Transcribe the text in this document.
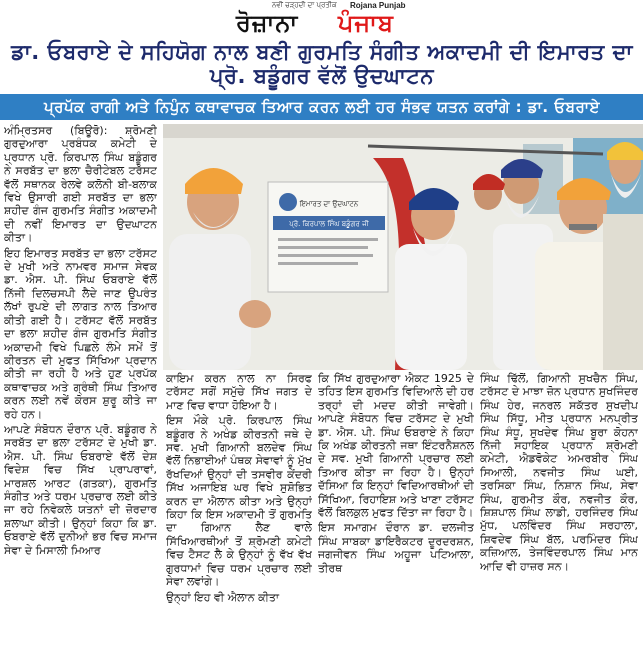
ਨਵੀਂ ਚੜ੍ਹਦੀ ਦਾ ਪ੍ਰਤੀਕ Rojana Punjab
ਰੋਜ਼ਾਨਾ ਪੰਜਾਬ
ਡਾ. ਓਬਰਾਏ ਦੇ ਸਹਿਯੋਗ ਨਾਲ ਬਣੀ ਗੁਰਮਤਿ ਸੰਗੀਤ ਅਕਾਦਮੀ ਦੀ ਇਮਾਰਤ ਦਾ ਪ੍ਰੋ. ਬਡੂੰਗਰ ਵੱਲੋਂ ਉਦਘਾਟਨ
ਪ੍ਰਪੱਕ ਰਾਗੀ ਅਤੇ ਨਿਪੁੰਨ ਕਥਾਵਾਚਕ ਤਿਆਰ ਕਰਨ ਲਈ ਹਰ ਸੰਭਵ ਯਤਨ ਕਰਾਂਗੇ : ਡਾ. ਓਬਰਾਏ
ਇਮਾਰਤ ਦਾ ਉਦਘਾਟਨ
ਪ੍ਰੋ. ਕਿਰਪਾਲ ਸਿੰਘ ਬਡੂੰਗਰ ਜੀ

ਅੰਮ੍ਰਿਤਸਰ (ਬਿਊਰੋ): ਸ਼੍ਰੋਮਣੀ ਗੁਰਦੁਆਰਾ ਪ੍ਰਬੰਧਕ ਕਮੇਟੀ ਦੇ ਪ੍ਰਧਾਨ ਪ੍ਰੋ. ਕਿਰਪਾਲ ਸਿੰਘ ਬਡੂੰਗਰ ਨੇ ਸਰਬੱਤ ਦਾ ਭਲਾ ਚੈਰੀਟੇਬਲ ਟਰੱਸਟ ਵੱਲੋਂ ਸਥਾਨਕ ਰੇਲਵੇ ਕਲੋਨੀ ਬੀ-ਬਲਾਕ ਵਿਖੇ ਉਸਾਰੀ ਗਈ ਸਰਬੱਤ ਦਾ ਭਲਾ ਸ਼ਹੀਦ ਗੰਜ ਗੁਰਮਤਿ ਸੰਗੀਤ ਅਕਾਦਮੀ ਦੀ ਨਵੀਂ ਇਮਾਰਤ ਦਾ ਉਦਘਾਟਨ ਕੀਤਾ।

ਇਹ ਇਮਾਰਤ ਸਰਬੱਤ ਦਾ ਭਲਾ ਟਰੱਸਟ ਦੇ ਮੁਖੀ ਅਤੇ ਨਾਮਵਰ ਸਮਾਜ ਸੇਵਕ ਡਾ. ਐਸ. ਪੀ. ਸਿੰਘ ਓਬਰਾਏ ਵੱਲੋਂ ਨਿੱਜੀ ਦਿਲਚਸਪੀ ਲੈਦੇ ਜਾਣ ਉਪਰੰਤ ਲੱਖਾਂ ਰੁਪਏ ਦੀ ਲਾਗਤ ਨਾਲ ਤਿਆਰ ਕੀਤੀ ਗਈ ਹੈ। ਟਰੱਸਟ ਵੱਲੋਂ ਸਰਬੱਤ ਦਾ ਭਲਾ ਸ਼ਹੀਦ ਗੰਜ ਗੁਰਮਤਿ ਸੰਗੀਤ ਅਕਾਦਮੀ ਵਿਖੇ ਪਿਛਲੇ ਲੰਮੇ ਸਮੇਂ ਤੋਂ ਕੀਰਤਨ ਦੀ ਮੁਫਤ ਸਿੱਖਿਆ ਪ੍ਰਦਾਨ ਕੀਤੀ ਜਾ ਰਹੀ ਹੈ ਅਤੇ ਹੁਣ ਪ੍ਰਪੱਕ ਕਥਾਵਾਚਕ ਅਤੇ ਗ੍ਰੰਥੀ ਸਿੰਘ ਤਿਆਰ ਕਰਨ ਲਈ ਨਵੇਂ ਕੋਰਸ ਸ਼ੁਰੂ ਕੀਤੇ ਜਾ ਰਹੇ ਹਨ।

ਆਪਣੇ ਸੰਬੋਧਨ ਦੌਰਾਨ ਪ੍ਰੋ. ਬਡੂੰਗਰ ਨੇ ਸਰਬੱਤ ਦਾ ਭਲਾ ਟਰੱਸਟ ਦੇ ਮੁਖੀ ਡਾ. ਐਸ. ਪੀ. ਸਿੰਘ ਓਬਰਾਏ ਵੱਲੋਂ ਦੇਸ਼ ਵਿਦੇਸ਼ ਵਿਚ ਸਿੱਖ ਪ੍ਰਾਪਰਾਵਾਂ, ਮਾਰਸ਼ਲ ਆਰਟ (ਗਤਕਾ), ਗੁਰਮਤਿ ਸੰਗੀਤ ਅਤੇ ਧਰਮ ਪ੍ਰਚਾਰ ਲਈ ਕੀਤੇ ਜਾ ਰਹੇ ਨਿਵੇਕਲੇ ਯਤਨਾਂ ਦੀ ਜ਼ੋਰਦਾਰ ਸ਼ਲਾਘਾ ਕੀਤੀ। ਉਨ੍ਹਾਂ ਕਿਹਾ ਕਿ ਡਾ. ਓਬਰਾਏ ਵੱਲੋਂ ਦੁਨੀਆਂ ਭਰ ਵਿਚ ਸਮਾਜ ਸੇਵਾ ਦੇ ਮਿਸਾਲੀ ਮਿਆਰ

ਕਾਇਮ ਕਰਨ ਨਾਲ ਨਾ ਸਿਰਫ ਟਰੱਸਟ ਸਗੋਂ ਸਮੁੱਚੇ ਸਿੱਖ ਜਗਤ ਦੇ ਮਾਣ ਵਿਚ ਵਾਧਾ ਹੋਇਆ ਹੈ।

ਇਸ ਮੌਕੇ ਪ੍ਰੋ. ਕਿਰਪਾਲ ਸਿੰਘ ਬਡੂੰਗਰ ਨੇ ਅਖੰਡ ਕੀਰਤਨੀ ਜਥੇ ਦੇ ਸਵ. ਮੁਖੀ ਗਿਆਨੀ ਬਲਦੇਵ ਸਿੰਘ ਵੱਲੋਂ ਨਿਭਾਈਆਂ ਪੰਥਕ ਸੇਵਾਵਾਂ ਨੂੰ ਮੁੱਖ ਰੱਖਦਿਆਂ ਉਨ੍ਹਾਂ ਦੀ ਤਸਵੀਰ ਕੇਂਦਰੀ ਸਿੱਖ ਅਜਾਇਬ ਘਰ ਵਿਖੇ ਸੁਸ਼ੋਭਿਤ ਕਰਨ ਦਾ ਐਲਾਨ ਕੀਤਾ ਅਤੇ ਉਨ੍ਹਾਂ ਕਿਹਾ ਕਿ ਇਸ ਅਕਾਦਮੀ ਤੋਂ ਗੁਰਮਤਿ ਦਾ ਗਿਆਨ ਲੈਣ ਵਾਲੇ ਸਿੱਖਿਆਰਥੀਆਂ ਤੋਂ ਸ਼੍ਰੋਮਣੀ ਕਮੇਟੀ ਵਿਚ ਟੈਸਟ ਲੈ ਕੇ ਉਨ੍ਹਾਂ ਨੂੰ ਵੱਖ ਵੱਖ ਗੁਰਧਾਮਾਂ ਵਿਚ ਧਰਮ ਪ੍ਰਚਾਰ ਲਈ ਸੇਵਾ ਲਵਾਂਗੇ।

ਉਨ੍ਹਾਂ ਇਹ ਵੀ ਐਲਾਨ ਕੀਤਾ

ਕਿ ਸਿੱਖ ਗੁਰਦੁਆਰਾ ਐਕਟ 1925 ਦੇ ਤਹਿਤ ਇਸ ਗੁਰਮਤਿ ਵਿਦਿਆਲੇ ਦੀ ਹਰ ਤਰ੍ਹਾਂ ਦੀ ਮਦਦ ਕੀਤੀ ਜਾਵੇਗੀ। ਆਪਣੇ ਸੰਬੋਧਨ ਵਿਚ ਟਰੱਸਟ ਦੇ ਮੁਖੀ ਡਾ. ਐਸ. ਪੀ. ਸਿੰਘ ਓਬਰਾਏ ਨੇ ਕਿਹਾ ਕਿ ਅਖੰਡ ਕੀਰਤਨੀ ਜਥਾ ਇੰਟਰਨੈਸ਼ਨਲ ਦੇ ਸਵ. ਮੁਖੀ ਗਿਆਨੀ ਪ੍ਰਚਾਰ ਲਈ ਤਿਆਰ ਕੀਤਾ ਜਾ ਰਿਹਾ ਹੈ। ਉਨ੍ਹਾਂ ਦੱਸਿਆ ਕਿ ਇਨ੍ਹਾਂ ਵਿਦਿਆਰਥੀਆਂ ਦੀ ਸਿੱਖਿਆ, ਰਿਹਾਇਸ਼ ਅਤੇ ਖਾਣਾ ਟਰੱਸਟ ਵੱਲੋਂ ਬਿਲਕੁਲ ਮੁਫਤ ਦਿੱਤਾ ਜਾ ਰਿਹਾ ਹੈ।

ਇਸ ਸਮਾਗਮ ਦੌਰਾਨ ਡਾ. ਦਲਜੀਤ ਸਿੰਘ ਸਾਬਕਾ ਡਾਇਰੈਕਟਰ ਦੂਰਦਰਸ਼ਨ, ਜਗਜੀਵਨ ਸਿੰਘ ਅਹੂਜਾ ਪਟਿਆਲਾ, ਤੀਰਥ

ਸਿੰਘ ਢਿੱਲੋਂ, ਗਿਆਨੀ ਸੁਖਚੈਨ ਸਿੰਘ, ਟਰੱਸਟ ਦੇ ਮਾਝਾ ਜ਼ੋਨ ਪ੍ਰਧਾਨ ਸੁਖਜਿੰਦਰ ਸਿੰਘ ਹੇਰ, ਜਨਰਲ ਸਕੱਤਰ ਸੁਖਦੀਪ ਸਿੰਘ ਸਿੱਧੂ, ਮੀਤ ਪ੍ਰਧਾਨ ਮਨਪ੍ਰੀਤ ਸਿੰਘ ਸੰਧੂ, ਸੁਖਦੇਵ ਸਿੰਘ ਬੂਰਾ ਕੋਹਨਾ ਨਿੱਜੀ ਸਹਾਇਕ ਪ੍ਰਧਾਨ ਸ਼੍ਰੋਮਣੀ ਕਮੇਟੀ, ਐਡਵੋਕੇਟ ਅਮਰਬੀਰ ਸਿੰਘ ਸਿਆਲੀ, ਨਵਜੀਤ ਸਿੰਘ ਘਈ, ਤਰਸਿਕਾ ਸਿੰਘ, ਨਿਸ਼ਾਨ ਸਿੰਘ, ਸੇਵਾ ਸਿੰਘ, ਗੁਰਮੀਤ ਕੌਰ, ਨਵਜੀਤ ਕੌਰ, ਸ਼ਿਸ਼ਪਾਲ ਸਿੰਘ ਲਾਡੀ, ਹਰਜਿੰਦਰ ਸਿੰਘ ਮੁੱਧ, ਪਲਵਿੰਦਰ ਸਿੰਘ ਸਰਹਾਲਾ, ਸ਼ਿਵਦੇਵ ਸਿੰਘ ਬੱਲ, ਪਰਮਿੰਦਰ ਸਿੰਘ ਕਜ਼ਿਆਲ, ਤੇਜਵਿੰਦਰਪਾਲ ਸਿੰਘ ਮਾਨ ਆਦਿ ਵੀ ਹਾਜ਼ਰ ਸਨ।
